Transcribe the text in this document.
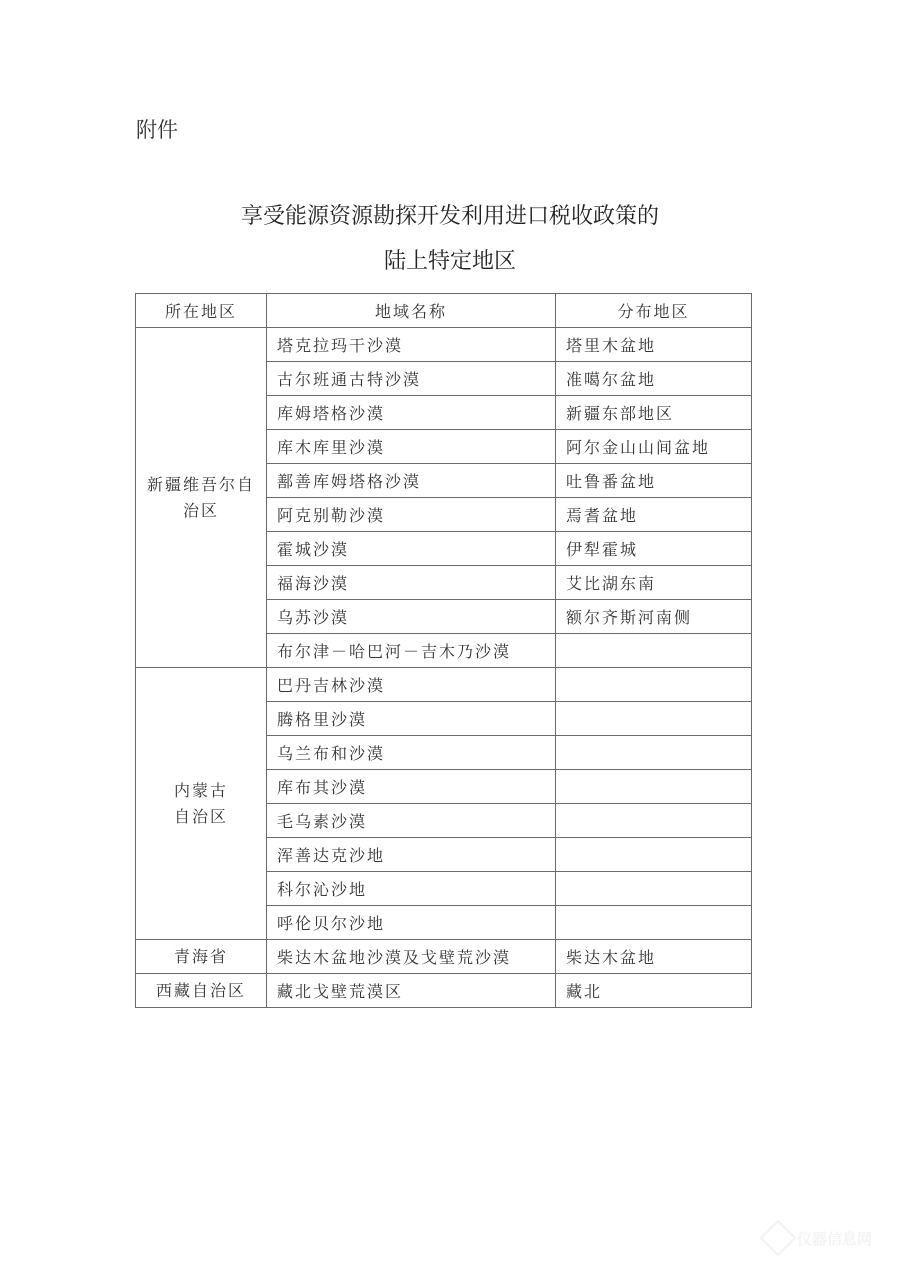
附件
享受能源资源勘探开发利用进口税收政策的
陆上特定地区
所在地区	地域名称	分布地区

新疆维吾尔自
治区	塔克拉玛干沙漠	塔里木盆地
	古尔班通古特沙漠	准噶尔盆地
	库姆塔格沙漠	新疆东部地区
	库木库里沙漠	阿尔金山山间盆地
	鄯善库姆塔格沙漠	吐鲁番盆地
	阿克别勒沙漠	焉耆盆地
	霍城沙漠	伊犁霍城
	福海沙漠	艾比湖东南
	乌苏沙漠	额尔齐斯河南侧
	布尔津－哈巴河－吉木乃沙漠	

内蒙古
自治区	巴丹吉林沙漠	
	腾格里沙漠	
	乌兰布和沙漠	
	库布其沙漠	
	毛乌素沙漠	
	浑善达克沙地	
	科尔沁沙地	
	呼伦贝尔沙地	
青海省	柴达木盆地沙漠及戈壁荒沙漠	柴达木盆地
西藏自治区	藏北戈壁荒漠区	藏北
仪器信息网
